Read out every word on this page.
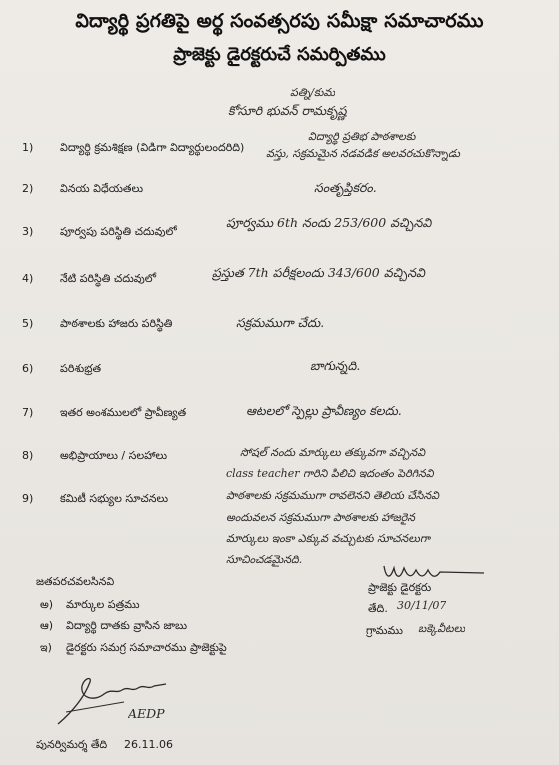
విద్యార్థి ప్రగతిపై అర్థ సంవత్సరపు సమీక్షా సమాచారము
ప్రాజెక్టు డైరక్టరుచే సమర్పితము
పత్ని/కుమ
కోసూరి భువన్ రామకృష్ణ
1) విద్యార్థి క్రమశిక్షణ (విడిగా విద్యార్థులందరిది)
విద్యార్థి ప్రతిభ పాఠశాలకు
వస్తు, సక్రమమైన నడవడిక అలవరచుకొన్నాడు
2) వినయ విధేయతలు	సంతృప్తికరం.
3) పూర్వపు పరిస్థితి చదువులో
పూర్వము 6th నందు 253/600 వచ్చినవి
4) నేటి పరిస్థితి చదువులో	ప్రస్తుత 7th పరీక్షలందు 343/600 వచ్చినవి
5) పాఠశాలకు హాజరు పరిస్థితి	సక్రమముగా చేదు.
6) పరిశుభ్రత	బాగున్నది.
7) ఇతర అంశములలో ప్రావీణ్యత	ఆటలలో స్పెల్లు ప్రావీణ్యం కలదు.
8) అభిప్రాయాలు / సలహాలు	సోషల్ నందు మార్కులు తక్కువగా వచ్చినవి
class teacher గారిని పిలిచి ఇదంతం పెరిగినవి
9) కమిటీ సభ్యుల సూచనలు	పాఠశాలకు సక్రమముగా రావలెనని తెలియ చేసినవి
అందువలన సక్రమముగా పాఠశాలకు హాజరైన
మార్కులు ఇంకా ఎక్కువ వచ్చుటకు సూచనలుగా
సూచించడమైనది.
ప్రాజెక్టు డైరక్టరు
తేది. 30/11/07
గ్రామము బక్కెవీటలు
జతపరచవలసినవి
అ) మార్కుల పత్రము
ఆ) విద్యార్థి దాతకు వ్రాసిన జాబు
ఇ) డైరక్టరు సమగ్ర సమాచారము ప్రాజెక్టుపై
AEDP
పునర్విమర్శ తేది 26.11.06
